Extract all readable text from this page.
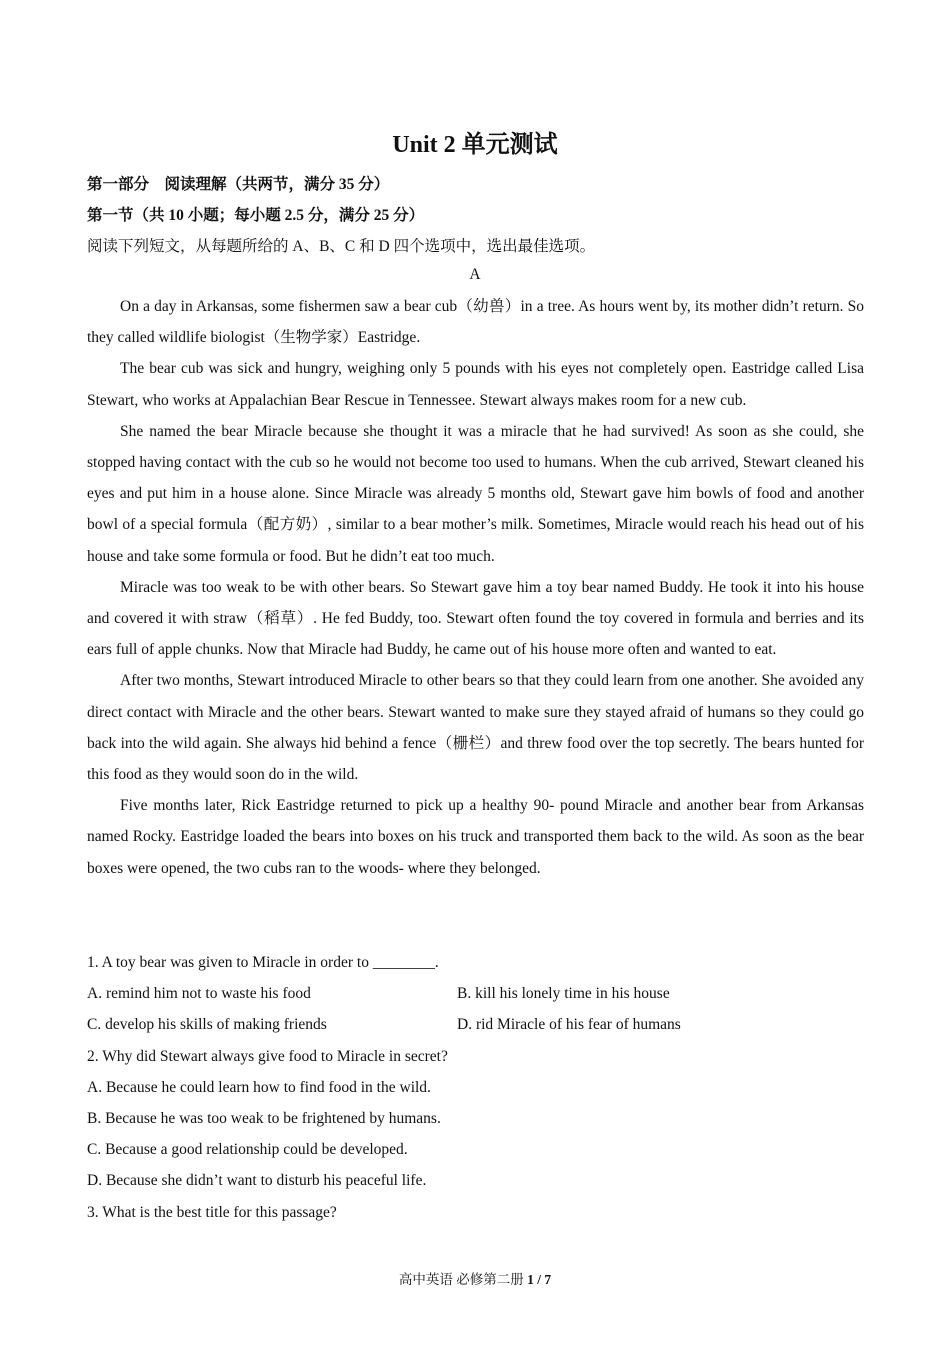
Unit 2 单元测试
第一部分　阅读理解（共两节，满分 35 分）
第一节（共 10 小题；每小题 2.5 分，满分 25 分）
阅读下列短文，从每题所给的 A、B、C 和 D 四个选项中，选出最佳选项。
A

On a day in Arkansas, some fishermen saw a bear cub（幼兽）in a tree. As hours went by, its mother didn’t return. So they called wildlife biologist（生物学家）Eastridge.

The bear cub was sick and hungry, weighing only 5 pounds with his eyes not completely open. Eastridge called Lisa Stewart, who works at Appalachian Bear Rescue in Tennessee. Stewart always makes room for a new cub.

She named the bear Miracle because she thought it was a miracle that he had survived! As soon as she could, she stopped having contact with the cub so he would not become too used to humans. When the cub arrived, Stewart cleaned his eyes and put him in a house alone. Since Miracle was already 5 months old, Stewart gave him bowls of food and another bowl of a special formula（配方奶）, similar to a bear mother’s milk. Sometimes, Miracle would reach his head out of his house and take some formula or food. But he didn’t eat too much.

Miracle was too weak to be with other bears. So Stewart gave him a toy bear named Buddy. He took it into his house and covered it with straw（稻草）. He fed Buddy, too. Stewart often found the toy covered in formula and berries and its ears full of apple chunks. Now that Miracle had Buddy, he came out of his house more often and wanted to eat.

After two months, Stewart introduced Miracle to other bears so that they could learn from one another. She avoided any direct contact with Miracle and the other bears. Stewart wanted to make sure they stayed afraid of humans so they could go back into the wild again. She always hid behind a fence（栅栏）and threw food over the top secretly. The bears hunted for this food as they would soon do in the wild.

Five months later, Rick Eastridge returned to pick up a healthy 90- pound Miracle and another bear from Arkansas named Rocky. Eastridge loaded the bears into boxes on his truck and transported them back to the wild. As soon as the bear boxes were opened, the two cubs ran to the woods- where they belonged.

1. A toy bear was given to Miracle in order to ________.
A. remind him not to waste his food	B. kill his lonely time in his house
C. develop his skills of making friends	D. rid Miracle of his fear of humans
2. Why did Stewart always give food to Miracle in secret?
A. Because he could learn how to find food in the wild.
B. Because he was too weak to be frightened by humans.
C. Because a good relationship could be developed.
D. Because she didn’t want to disturb his peaceful life.
3. What is the best title for this passage?
高中英语 必修第二册 1 / 7
